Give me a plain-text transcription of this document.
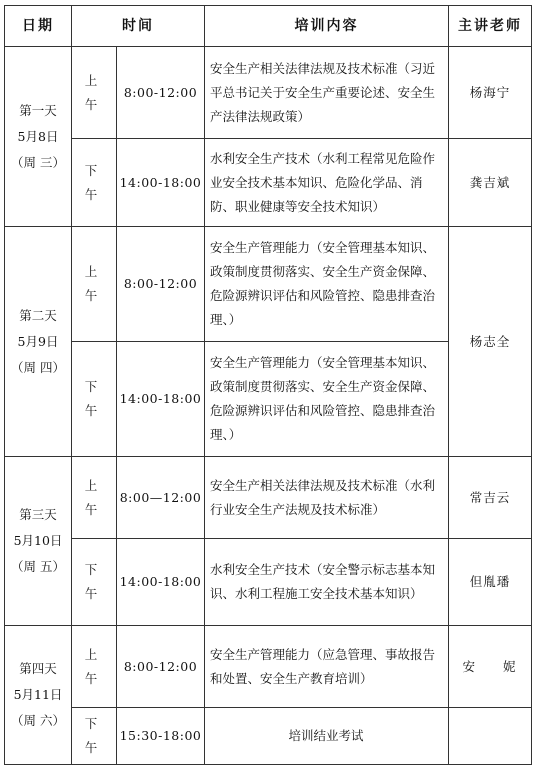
日期	时间		培训内容	主讲老师

第一天
5月8日
（周 三）	上 午	8:00-12:00	安全生产相关法律法规及技术标准（习近平总书记关于安全生产重要论述、安全生产法律法规政策）	杨海宁
	下 午	14:00-18:00	水利安全生产技术（水利工程常见危险作业安全技术基本知识、危险化学品、消防、职业健康等安全技术知识）	龚吉斌

第二天
5月9日
（周 四）	上 午	8:00-12:00	安全生产管理能力（安全管理基本知识、政策制度贯彻落实、安全生产资金保障、危险源辨识评估和风险管控、隐患排查治理、）	杨志全
	下 午	14:00-18:00	安全生产管理能力（安全管理基本知识、政策制度贯彻落实、安全生产资金保障、危险源辨识评估和风险管控、隐患排查治理、）	

第三天
5月10日
（周 五）	上 午	8:00—12:00	安全生产相关法律法规及技术标准（水利行业安全生产法规及技术标准）	常吉云
	下 午	14:00-18:00	水利安全生产技术（安全警示标志基本知识、水利工程施工安全技术基本知识）	但胤璠

第四天
5月11日
（周 六）	上 午	8:00-12:00	安全生产管理能力（应急管理、事故报告和处置、安全生产教育培训）	安 妮
	下 午	15:30-18:00	培训结业考试	
